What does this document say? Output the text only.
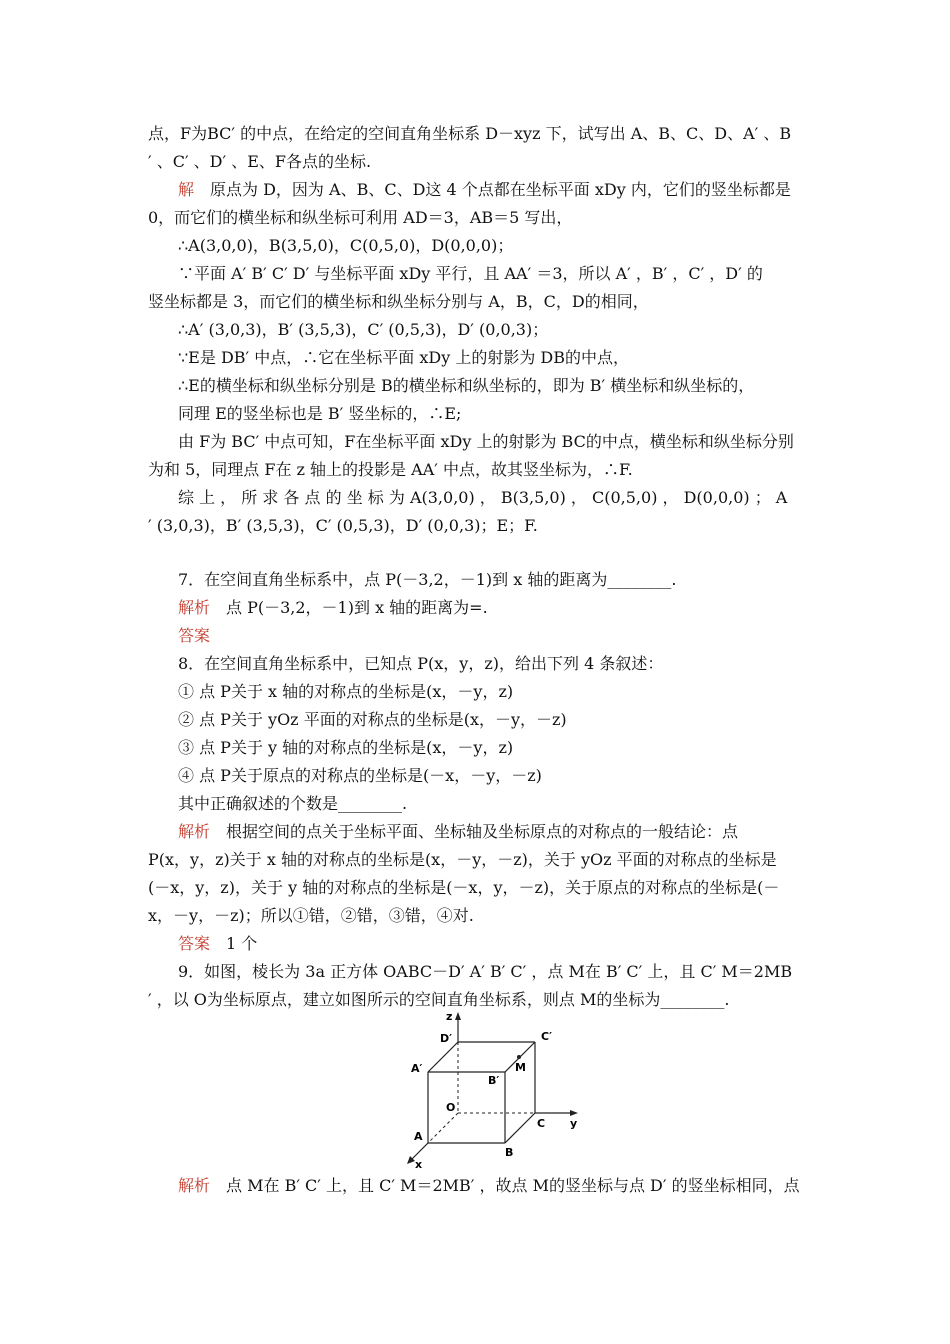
点，F为BC′ 的中点，在给定的空间直角坐标系 D－xyz 下，试写出 A、B、C、D、A′ 、B
′ 、C′ 、D′ 、E、F各点的坐标.
解　原点为 D，因为 A、B、C、D这 4 个点都在坐标平面 xDy 内，它们的竖坐标都是
0，而它们的横坐标和纵坐标可利用 AD＝3，AB＝5 写出，
∴A(3,0,0)，B(3,5,0)，C(0,5,0)，D(0,0,0)；
∵平面 A′ B′ C′ D′ 与坐标平面 xDy 平行，且 AA′ ＝3，所以 A′ ，B′ ，C′ ，D′ 的
竖坐标都是 3，而它们的横坐标和纵坐标分别与 A，B，C，D的相同，
∴A′ (3,0,3)，B′ (3,5,3)，C′ (0,5,3)，D′ (0,0,3)；
∵E是 DB′ 中点，∴它在坐标平面 xDy 上的射影为 DB的中点，
∴E的横坐标和纵坐标分别是 B的横坐标和纵坐标的，即为 B′ 横坐标和纵坐标的，
同理 E的竖坐标也是 B′ 竖坐标的，∴E;
由 F为 BC′ 中点可知，F在坐标平面 xDy 上的射影为 BC的中点，横坐标和纵坐标分别
为和 5，同理点 F在 z 轴上的投影是 AA′ 中点，故其竖坐标为，∴F.
综 上 ， 所 求 各 点 的 坐 标 为 A(3,0,0) ， B(3,5,0) ， C(0,5,0) ， D(0,0,0) ； A
′ (3,0,3)，B′ (3,5,3)，C′ (0,5,3)，D′ (0,0,3)；E；F.
7．在空间直角坐标系中，点 P(－3,2，－1)到 x 轴的距离为________.
解析　点 P(－3,2，－1)到 x 轴的距离为=.
答案
8．在空间直角坐标系中，已知点 P(x，y，z)，给出下列 4 条叙述：
① 点 P关于 x 轴的对称点的坐标是(x，－y，z)
② 点 P关于 yOz 平面的对称点的坐标是(x，－y，－z)
③ 点 P关于 y 轴的对称点的坐标是(x，－y，z)
④ 点 P关于原点的对称点的坐标是(－x，－y，－z)
其中正确叙述的个数是________.
解析　根据空间的点关于坐标平面、坐标轴及坐标原点的对称点的一般结论：点
P(x，y，z)关于 x 轴的对称点的坐标是(x，－y，－z)，关于 yOz 平面的对称点的坐标是
(－x，y，z)，关于 y 轴的对称点的坐标是(－x，y，－z)，关于原点的对称点的坐标是(－
x，－y，－z)；所以①错，②错，③错，④对.
答案　1 个
9．如图，棱长为 3a 正方体 OABC－D′ A′ B′ C′ ，点 M在 B′ C′ 上，且 C′ M＝2MB
′ ，以 O为坐标原点，建立如图所示的空间直角坐标系，则点 M的坐标为________.
z
D′	C′
A′
B′
M
O
C y
A
B
x
解析　点 M在 B′ C′ 上，且 C′ M＝2MB′ ，故点 M的竖坐标与点 D′ 的竖坐标相同，点
